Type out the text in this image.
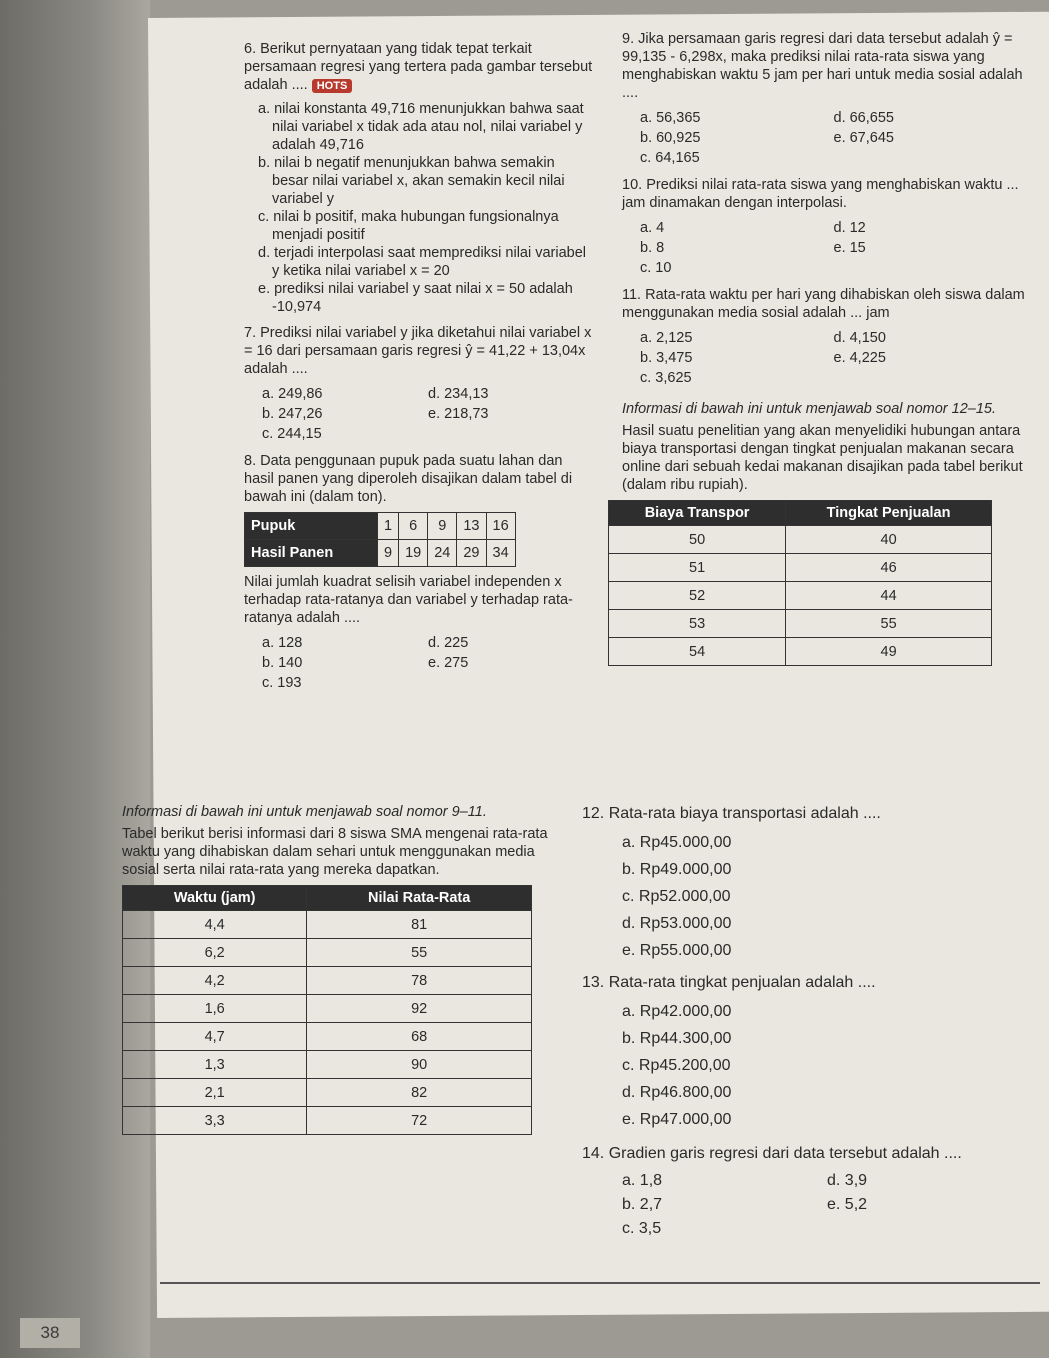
38
6. Berikut pernyataan yang tidak tepat terkait persamaan regresi yang tertera pada gambar tersebut adalah .... HOTS
a. nilai konstanta 49,716 menunjukkan bahwa saat nilai variabel x tidak ada atau nol, nilai variabel y adalah 49,716
b. nilai b negatif menunjukkan bahwa semakin besar nilai variabel x, akan semakin kecil nilai variabel y
c. nilai b positif, maka hubungan fungsionalnya menjadi positif
d. terjadi interpolasi saat memprediksi nilai variabel y ketika nilai variabel x = 20
e. prediksi nilai variabel y saat nilai x = 50 adalah -10,974
7. Prediksi nilai variabel y jika diketahui nilai variabel x = 16 dari persamaan garis regresi ŷ = 41,22 + 13,04x adalah ....
a. 249,86	d. 234,13
b. 247,26	e. 218,73
c. 244,15
8. Data penggunaan pupuk pada suatu lahan dan hasil panen yang diperoleh disajikan dalam tabel di bawah ini (dalam ton).
Pupuk	1	6	9	13	16
Hasil Panen	9	19	24	29	34
Nilai jumlah kuadrat selisih variabel independen x terhadap rata-ratanya dan variabel y terhadap rata-ratanya adalah ....
a. 128	d. 225
b. 140	e. 275
c. 193
Informasi di bawah ini untuk menjawab soal nomor 9–11.
Tabel berikut berisi informasi dari 8 siswa SMA mengenai rata-rata waktu yang dihabiskan dalam sehari untuk menggunakan media sosial serta nilai rata-rata yang mereka dapatkan.
Waktu (jam)	Nilai Rata-Rata
4,4	81
6,2	55
4,2	78
1,6	92
4,7	68
1,3	90
2,1	82
3,3	72
9. Jika persamaan garis regresi dari data tersebut adalah ŷ = 99,135 - 6,298x, maka prediksi nilai rata-rata siswa yang menghabiskan waktu 5 jam per hari untuk media sosial adalah ....
a. 56,365	d. 66,655
b. 60,925	e. 67,645
c. 64,165
10. Prediksi nilai rata-rata siswa yang menghabiskan waktu ... jam dinamakan dengan interpolasi.
a. 4	d. 12
b. 8	e. 15
c. 10
11. Rata-rata waktu per hari yang dihabiskan oleh siswa dalam menggunakan media sosial adalah ... jam
a. 2,125	d. 4,150
b. 3,475	e. 4,225
c. 3,625
Informasi di bawah ini untuk menjawab soal nomor 12–15.
Hasil suatu penelitian yang akan menyelidiki hubungan antara biaya transportasi dengan tingkat penjualan makanan secara online dari sebuah kedai makanan disajikan pada tabel berikut (dalam ribu rupiah).
Biaya Transpor	Tingkat Penjualan
50	40
51	46
52	44
53	55
54	49
12. Rata-rata biaya transportasi adalah ....
a. Rp45.000,00
b. Rp49.000,00
c. Rp52.000,00
d. Rp53.000,00
e. Rp55.000,00
13. Rata-rata tingkat penjualan adalah ....
a. Rp42.000,00
b. Rp44.300,00
c. Rp45.200,00
d. Rp46.800,00
e. Rp47.000,00
14. Gradien garis regresi dari data tersebut adalah ....
a. 1,8	d. 3,9
b. 2,7	e. 5,2
c. 3,5
